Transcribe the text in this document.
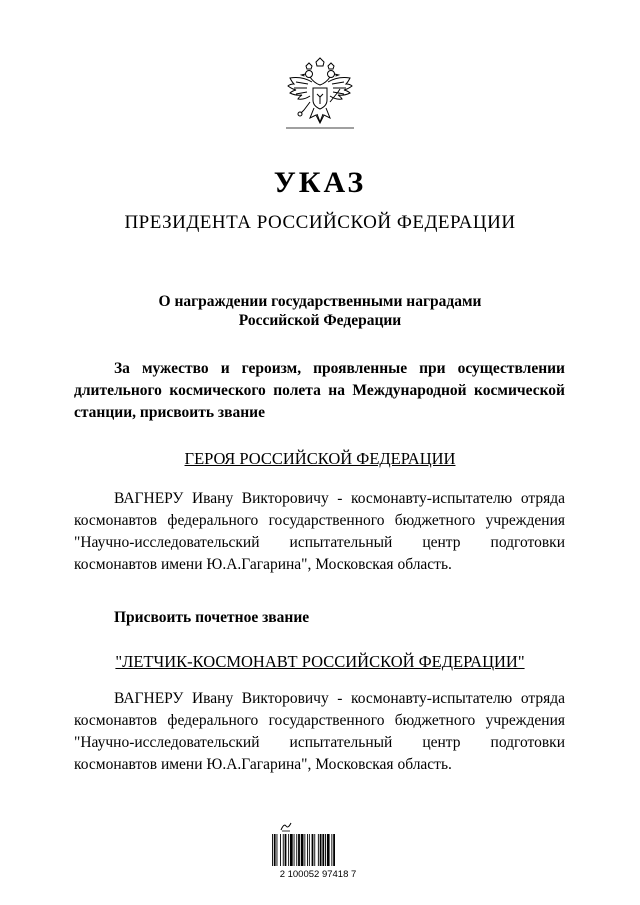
УКАЗ
ПРЕЗИДЕНТА РОССИЙСКОЙ ФЕДЕРАЦИИ
О награждении государственными наградами
Российской Федерации
За мужество и героизм, проявленные при осуществлении длительного космического полета на Международной космической станции, присвоить звание
ГЕРОЯ РОССИЙСКОЙ ФЕДЕРАЦИИ
ВАГНЕРУ Ивану Викторовичу - космонавту-испытателю отряда космонавтов федерального государственного бюджетного учреждения "Научно-исследовательский испытательный центр подготовки космонавтов имени Ю.А.Гагарина", Московская область.
Присвоить почетное звание
"ЛЕТЧИК-КОСМОНАВТ РОССИЙСКОЙ ФЕДЕРАЦИИ"
ВАГНЕРУ Ивану Викторовичу - космонавту-испытателю отряда космонавтов федерального государственного бюджетного учреждения "Научно-исследовательский испытательный центр подготовки космонавтов имени Ю.А.Гагарина", Московская область.
2 100052 97418 7
